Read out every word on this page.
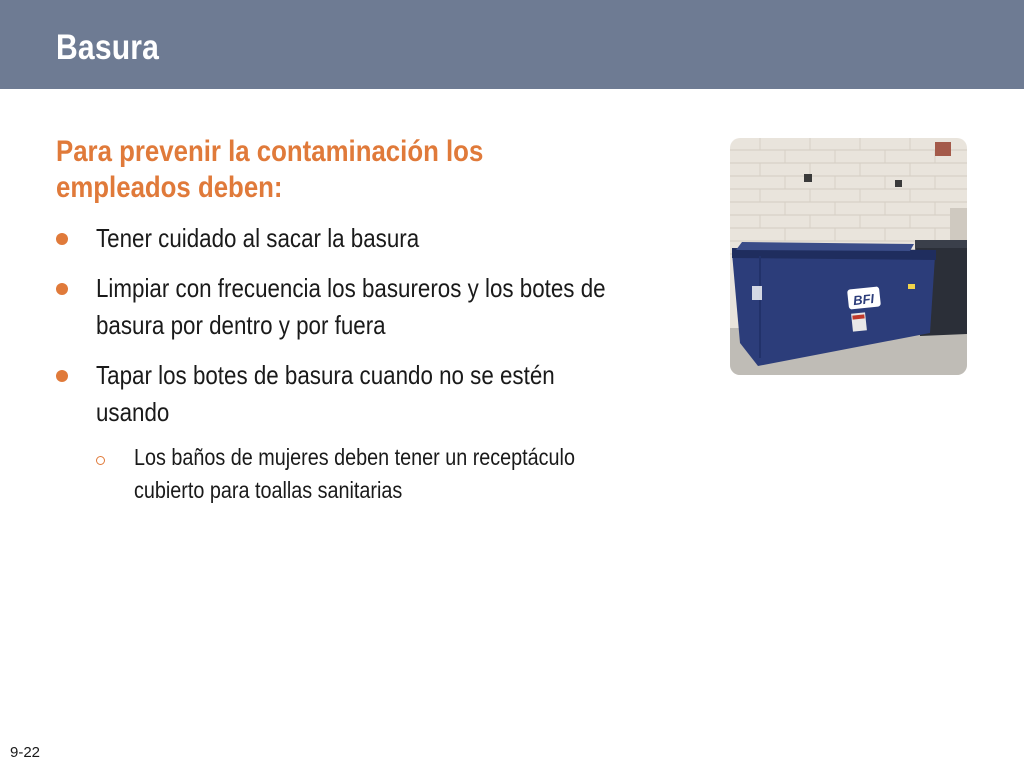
Basura
Para prevenir la contaminación los empleados deben:
Tener cuidado al sacar la basura
Limpiar con frecuencia los basureros y los botes de basura por dentro y por fuera
Tapar los botes de basura cuando no se estén usando
Los baños de mujeres deben tener un receptáculo cubierto para toallas sanitarias
BFI
9-22
